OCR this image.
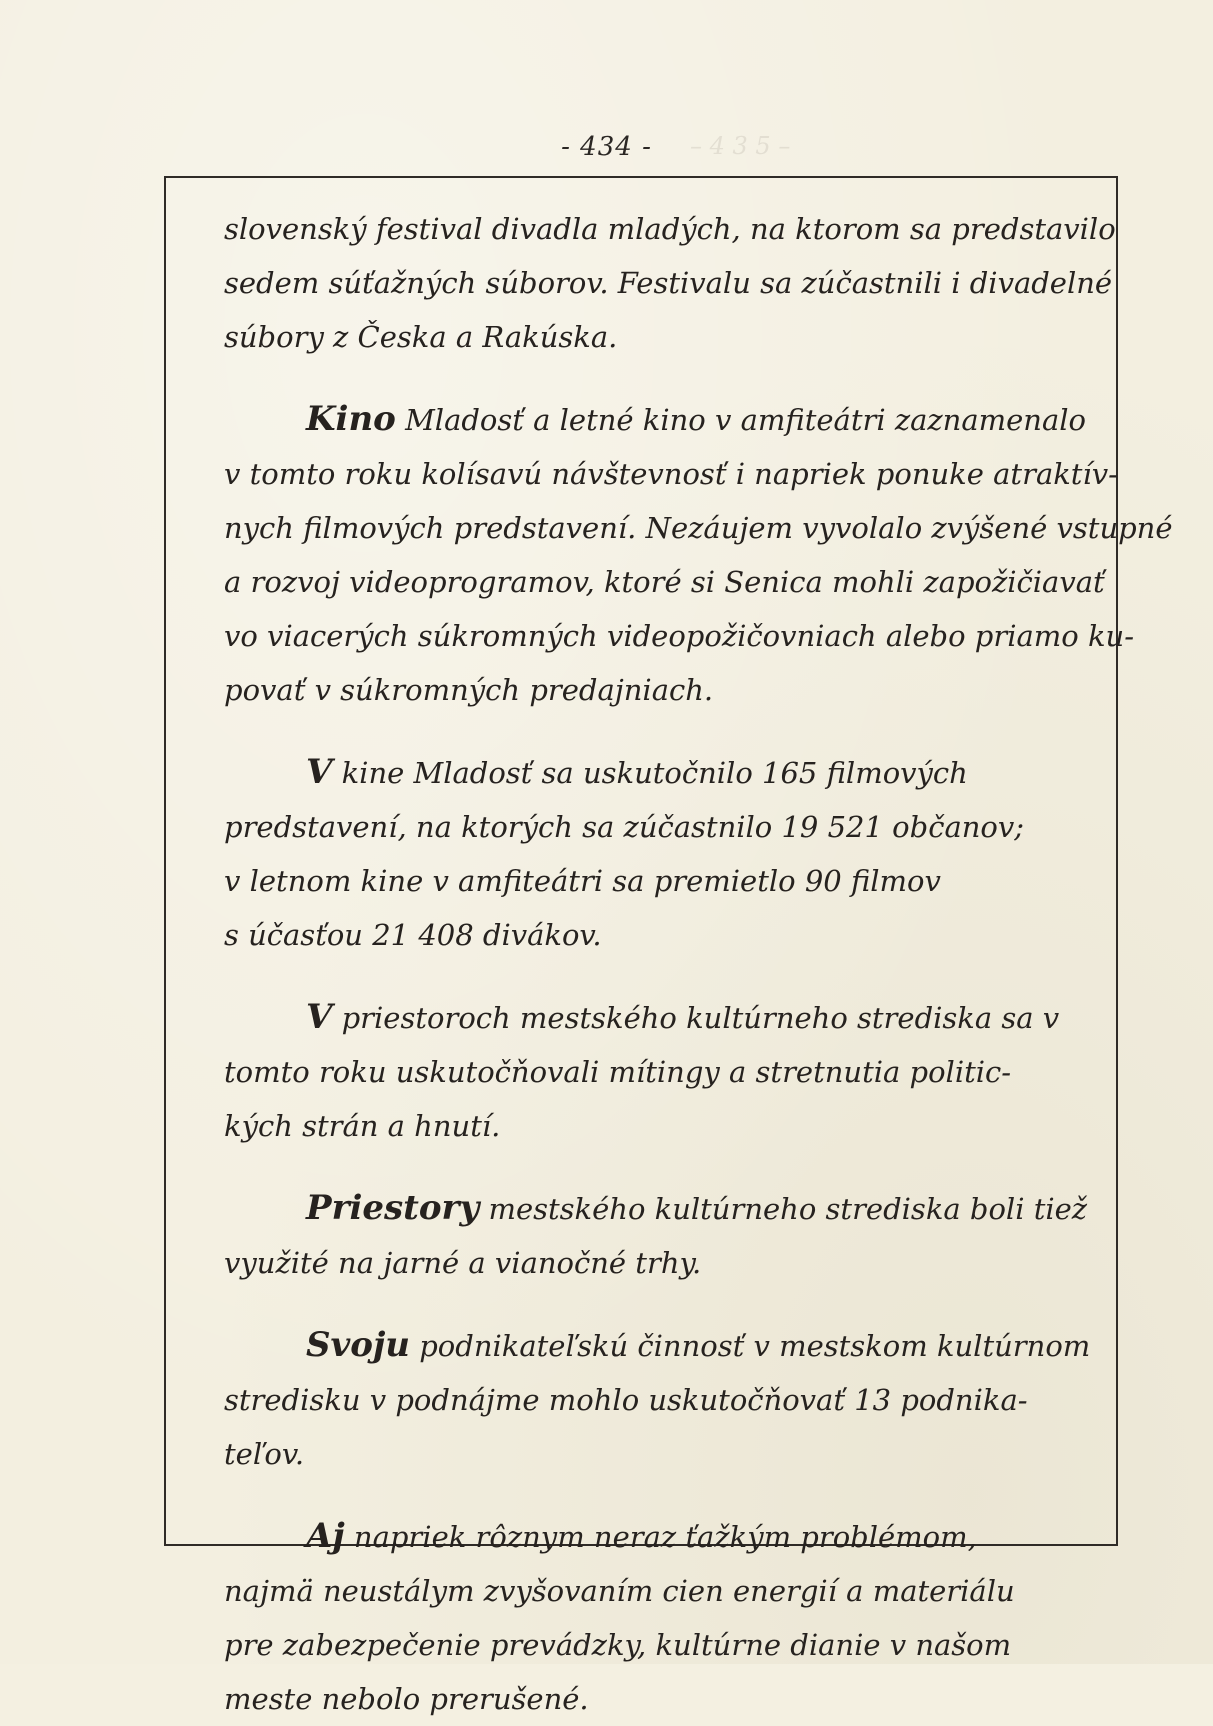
– 4 3 5 –
- 434 -

slovenský festival divadla mladých, na ktorom sa predstavilo
sedem súťažných súborov. Festivalu sa zúčastnili i divadelné
súbory z Česka a Rakúska.

Kino Mladosť a letné kino v amfiteátri zaznamenalo
v tomto roku kolísavú návštevnosť i napriek ponuke atraktív-
nych filmových predstavení. Nezáujem vyvolalo zvýšené vstupné
a rozvoj videoprogramov, ktoré si Senica mohli zapožičiavať
vo viacerých súkromných videopožičovniach alebo priamo ku-
povať v súkromných predajniach.

V kine Mladosť sa uskutočnilo 165 filmových
predstavení, na ktorých sa zúčastnilo 19 521 občanov;
v letnom kine v amfiteátri sa premietlo 90 filmov
s účasťou 21 408 divákov.

V priestoroch mestského kultúrneho strediska sa v
tomto roku uskutočňovali mítingy a stretnutia politic-
kých strán a hnutí.

Priestory mestského kultúrneho strediska boli tiež
využité na jarné a vianočné trhy.

Svoju podnikateľskú činnosť v mestskom kultúrnom
stredisku v podnájme mohlo uskutočňovať 13 podnika-
teľov.

Aj napriek rôznym neraz ťažkým problémom,
najmä neustálym zvyšovaním cien energií a materiálu
pre zabezpečenie prevádzky, kultúrne dianie v našom
meste nebolo prerušené.
